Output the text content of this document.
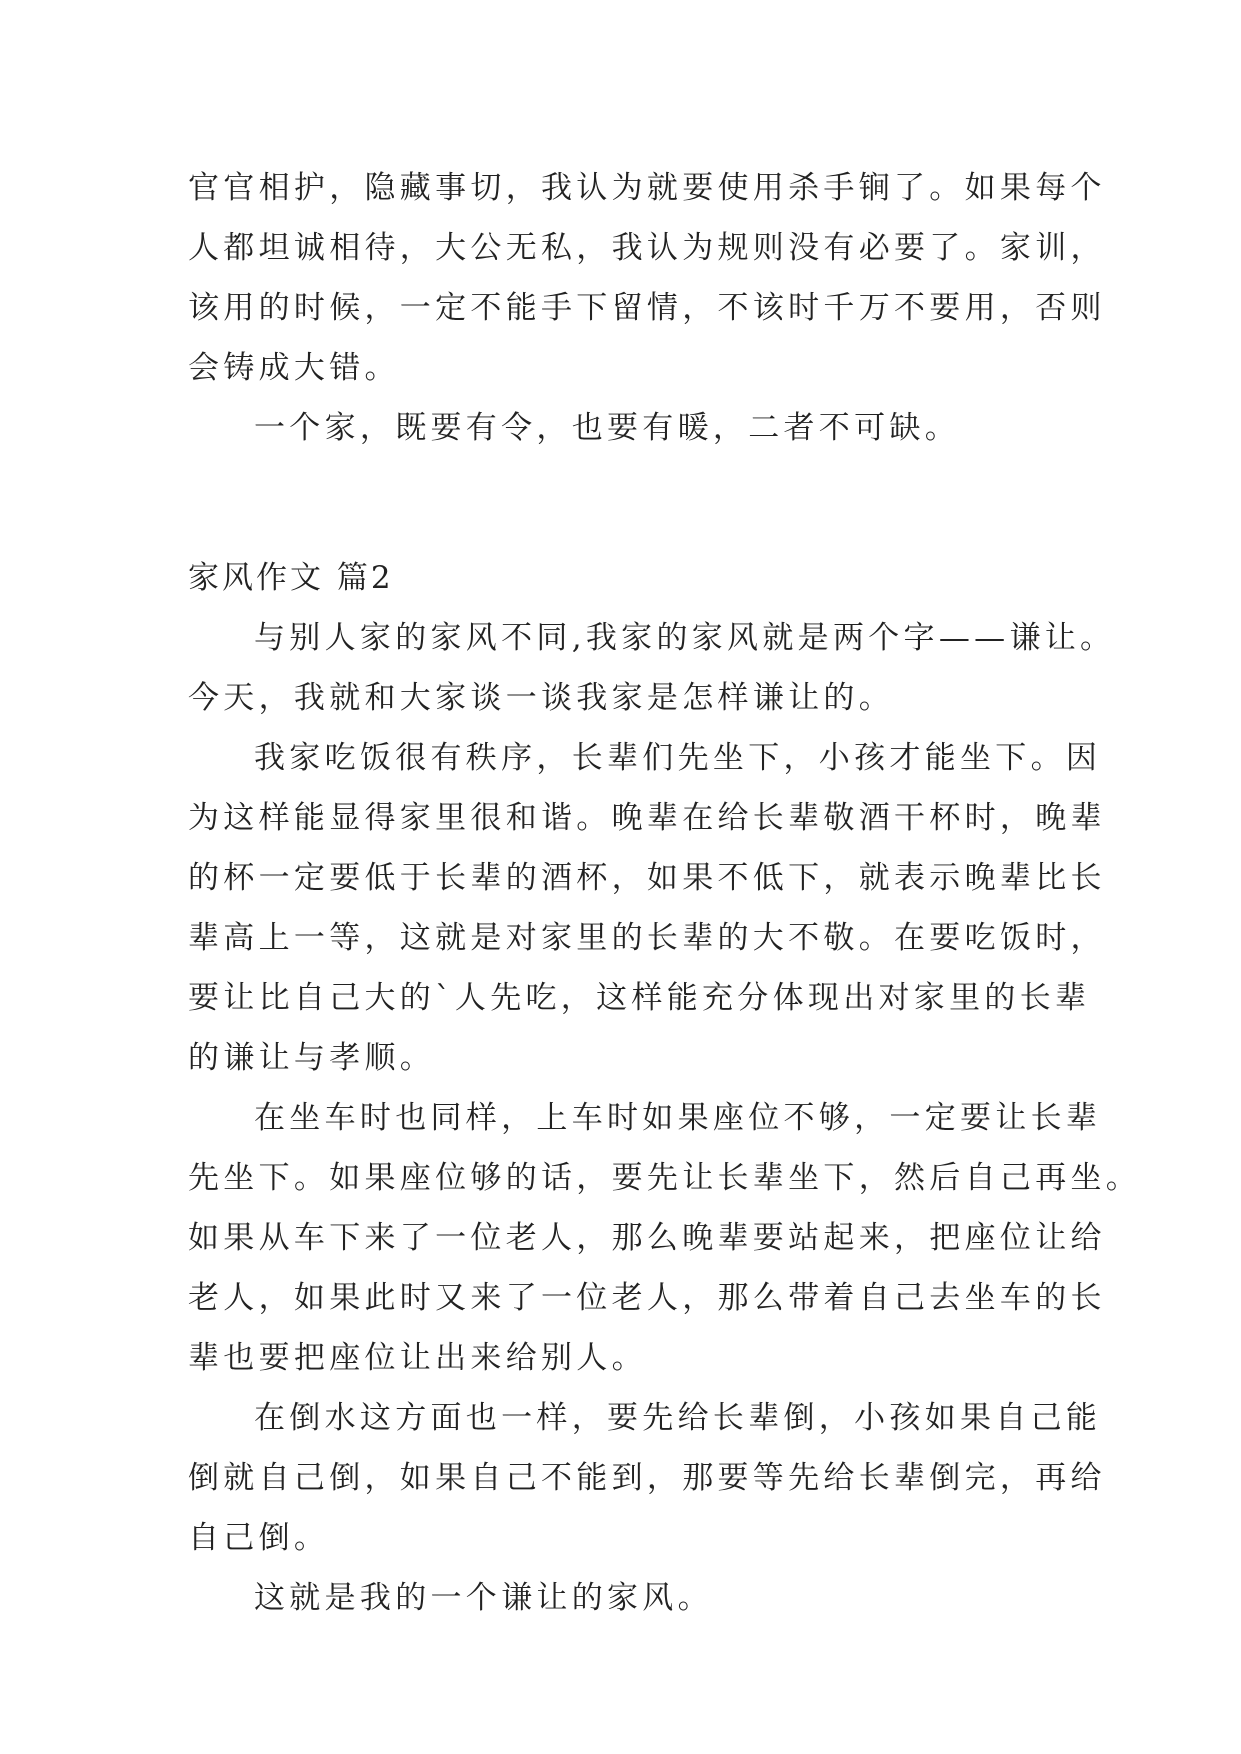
官官相护，隐藏事切，我认为就要使用杀手锏了。如果每个
人都坦诚相待，大公无私，我认为规则没有必要了。家训，
该用的时候，一定不能手下留情，不该时千万不要用，否则
会铸成大错。
一个家，既要有令，也要有暖，二者不可缺。
家风作文 篇2
与别人家的家风不同,我家的家风就是两个字——谦让。
今天，我就和大家谈一谈我家是怎样谦让的。
我家吃饭很有秩序，长辈们先坐下，小孩才能坐下。因
为这样能显得家里很和谐。晚辈在给长辈敬酒干杯时，晚辈
的杯一定要低于长辈的酒杯，如果不低下，就表示晚辈比长
辈高上一等，这就是对家里的长辈的大不敬。在要吃饭时，
要让比自己大的`人先吃，这样能充分体现出对家里的长辈
的谦让与孝顺。
在坐车时也同样，上车时如果座位不够，一定要让长辈
先坐下。如果座位够的话，要先让长辈坐下，然后自己再坐。
如果从车下来了一位老人，那么晚辈要站起来，把座位让给
老人，如果此时又来了一位老人，那么带着自己去坐车的长
辈也要把座位让出来给别人。
在倒水这方面也一样，要先给长辈倒，小孩如果自己能
倒就自己倒，如果自己不能到，那要等先给长辈倒完，再给
自己倒。
这就是我的一个谦让的家风。
